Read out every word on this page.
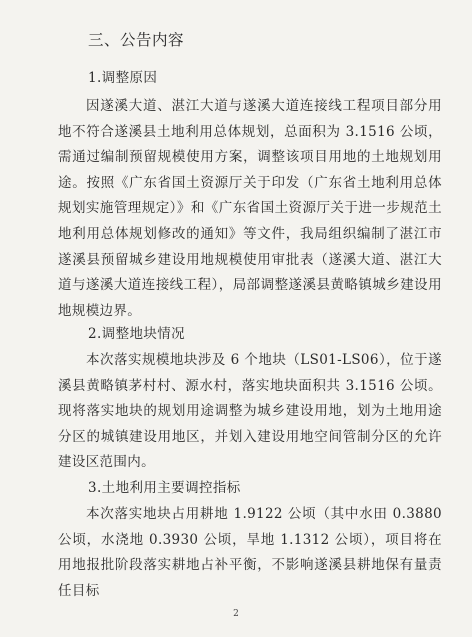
三、公告内容
1.调整原因
因遂溪大道、湛江大道与遂溪大道连接线工程项目部分用地不符合遂溪县土地利用总体规划，总面积为 3.1516 公顷，需通过编制预留规模使用方案，调整该项目用地的土地规划用途。按照《广东省国土资源厅关于印发（广东省土地利用总体规划实施管理规定）》和《广东省国土资源厅关于进一步规范土地利用总体规划修改的通知》等文件，我局组织编制了湛江市遂溪县预留城乡建设用地规模使用审批表（遂溪大道、湛江大道与遂溪大道连接线工程），局部调整遂溪县黄略镇城乡建设用地规模边界。
2.调整地块情况
本次落实规模地块涉及 6 个地块（LS01-LS06），位于遂溪县黄略镇茅村村、源水村，落实地块面积共 3.1516 公顷。现将落实地块的规划用途调整为城乡建设用地，划为土地用途分区的城镇建设用地区，并划入建设用地空间管制分区的允许建设区范围内。
3.土地利用主要调控指标
本次落实地块占用耕地 1.9122 公顷（其中水田 0.3880 公顷，水浇地 0.3930 公顷，旱地 1.1312 公顷），项目将在用地报批阶段落实耕地占补平衡，不影响遂溪县耕地保有量责任目标
2
